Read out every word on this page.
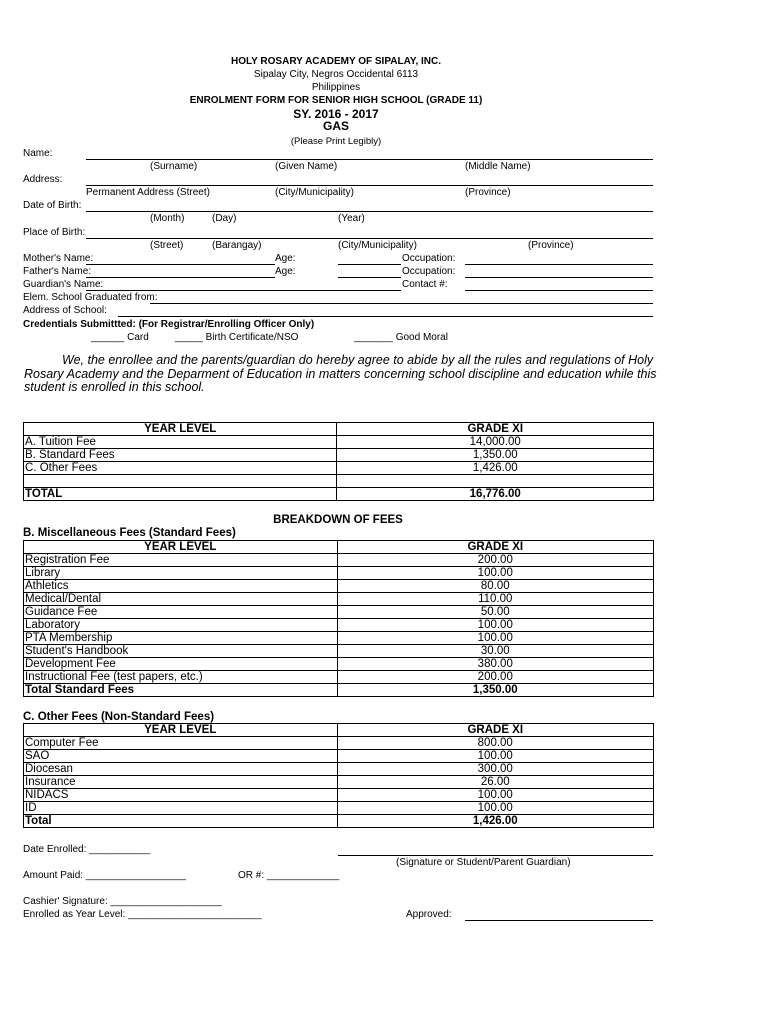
HOLY ROSARY ACADEMY OF SIPALAY, INC.
Sipalay City, Negros Occidental 6113
Philippines
ENROLMENT FORM FOR SENIOR HIGH SCHOOL (GRADE 11)
SY. 2016 - 2017
GAS
(Please Print Legibly)
Name:
(Surname)	(Given Name)	(Middle Name)
Address:
Permanent Address (Street)	(City/Municipality)	(Province)
Date of Birth:
(Month)	(Day)	(Year)
Place of Birth:
(Street)	(Barangay)	(City/Municipality)	(Province)
Mother's Name:	Age:	Occupation:
Father's Name:	Age:	Occupation:
Guardian's Name:	Contact #:
Elem. School Graduated from:
Address of School:
Credentials Submittted: (For Registrar/Enrolling Officer Only)
______ Card	_____ Birth Certificate/NSO	_______ Good Moral
We, the enrollee and the parents/guardian do hereby agree to abide by all the rules and regulations of Holy Rosary Academy and the Deparment of Education in matters concerning school discipline and education while this student is enrolled in this school.
YEAR LEVEL	GRADE XI
A. Tuition Fee	14,000.00
B. Standard Fees	1,350.00
C. Other Fees	1,426.00

TOTAL	16,776.00
BREAKDOWN OF FEES
B. Miscellaneous Fees (Standard Fees)
YEAR LEVEL	GRADE XI
Registration Fee	200.00
Library	100.00
Athletics	80.00
Medical/Dental	110.00
Guidance Fee	50.00
Laboratory	100.00
PTA Membership	100.00
Student's Handbook	30.00
Development Fee	380.00
Instructional Fee (test papers, etc.)	200.00
Total Standard Fees	1,350.00
C. Other Fees (Non-Standard Fees)
YEAR LEVEL	GRADE XI
Computer Fee	800.00
SAO	100.00
Diocesan	300.00
Insurance	26.00
NIDACS	100.00
ID	100.00
Total	1,426.00
Date Enrolled: ___________
(Signature or Student/Parent Guardian)
Amount Paid: __________________	OR #: _____________
Cashier' Signature: ____________________
Enrolled as Year Level: ________________________	Approved:
